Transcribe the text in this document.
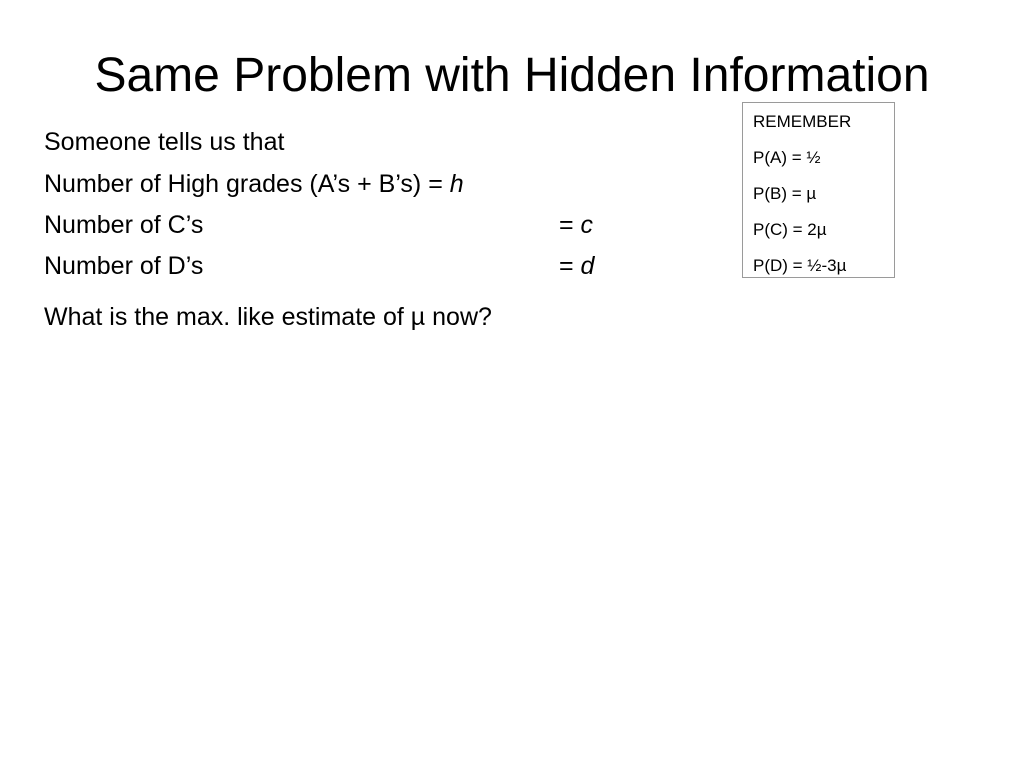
Same Problem with Hidden Information
Someone tells us that
Number of High grades (A’s + B’s) = h
Number of C’s	= c
Number of D’s	= d
What is the max. like estimate of µ now?
REMEMBER
P(A) = ½
P(B) = µ
P(C) = 2µ
P(D) = ½-3µ
